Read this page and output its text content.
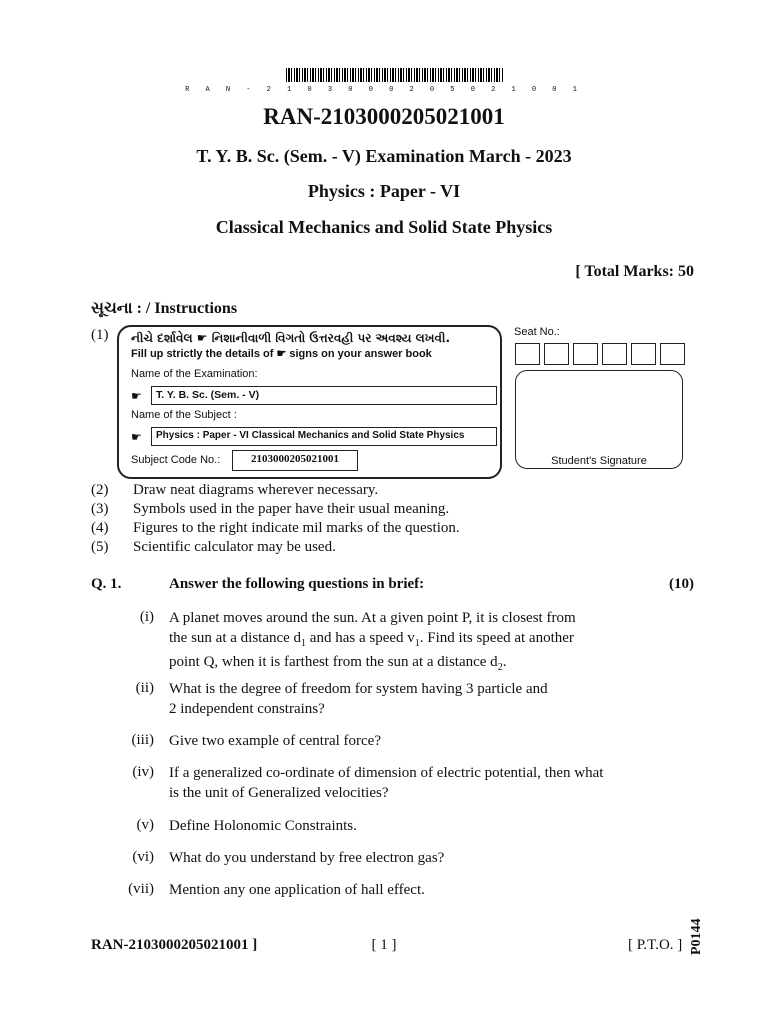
R A N - 2 1 0 3 0 0 0 2 0 5 0 2 1 0 0 1
RAN-2103000205021001
T. Y. B. Sc. (Sem. - V) Examination March - 2023
Physics : Paper - VI
Classical Mechanics and Solid State Physics
[ Total Marks: 50
સૂચના : / Instructions
(1) નીચે દર્શાવેલ ☛ નિશાનીવાળી વિગતો ઉત્તરવહી પર અવશ્ય લખવી.
Fill up strictly the details of ☛ signs on your answer book
Name of the Examination:
☛	T. Y. B. Sc. (Sem. - V)
Name of the Subject :
☛	Physics : Paper - VI Classical Mechanics and Solid State Physics
Subject Code No.:	2103000205021001
Seat No.:
Student's Signature
(2) Draw neat diagrams wherever necessary.
(3) Symbols used in the paper have their usual meaning.
(4) Figures to the right indicate mil marks of the question.
(5) Scientific calculator may be used.
Q. 1.	Answer the following questions in brief:	(10)
(i) A planet moves around the sun. At a given point P, it is closest from
the sun at a distance $d_1$ and has a speed $v_1$. Find its speed at another
point Q, when it is farthest from the sun at a distance $d_2$.
(ii) What is the degree of freedom for system having 3 particle and
2 independent constrains?
(iii) Give two example of central force?
(iv) If a generalized co-ordinate of dimension of electric potential, then what
is the unit of Generalized velocities?
(v) Define Holonomic Constraints.
(vi) What do you understand by free electron gas?
(vii) Mention any one application of hall effect.
RAN-2103000205021001 ]	[ 1 ]	[ P.T.O. ] P0144
